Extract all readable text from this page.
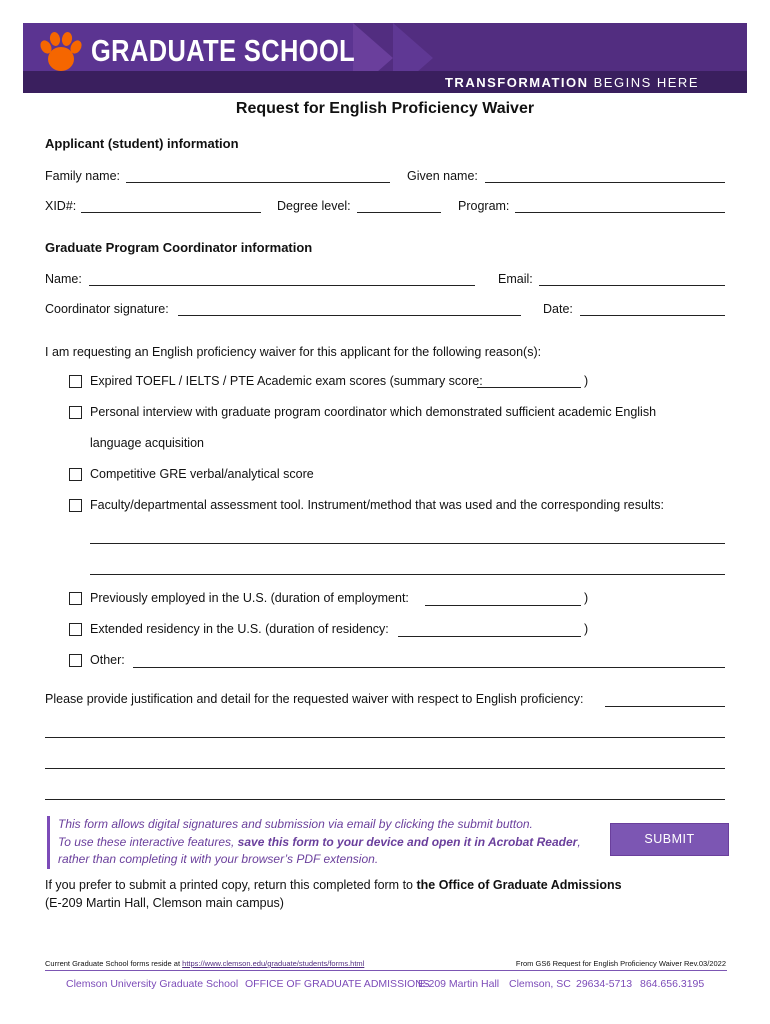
GRADUATE SCHOOL
TRANSFORMATION BEGINS HERE
Request for English Proficiency Waiver
Applicant (student) information
Family name:	Given name:
XID#:	Degree level:	Program:
Graduate Program Coordinator information
Name:	Email:
Coordinator signature:	Date:
I am requesting an English proficiency waiver for this applicant for the following reason(s):
Expired TOEFL / IELTS / PTE Academic exam scores (summary score:	)
Personal interview with graduate program coordinator which demonstrated sufficient academic English
language acquisition
Competitive GRE verbal/analytical score
Faculty/departmental assessment tool. Instrument/method that was used and the corresponding results:
Previously employed in the U.S. (duration of employment:	)
Extended residency in the U.S. (duration of residency:	)
Other:
Please provide justification and detail for the requested waiver with respect to English proficiency:
This form allows digital signatures and submission via email by clicking the submit button.
To use these interactive features, save this form to your device and open it in Acrobat Reader,
rather than completing it with your browser’s PDF extension.
SUBMIT
If you prefer to submit a printed copy, return this completed form to the Office of Graduate Admissions
(E-209 Martin Hall, Clemson main campus)
Current Graduate School forms reside at https://www.clemson.edu/graduate/students/forms.html	From GS6 Request for English Proficiency Waiver Rev.03/2022
Clemson University Graduate School OFFICE OF GRADUATE ADMISSIONS
E-209 Martin Hall Clemson, SC 29634-5713 864.656.3195
